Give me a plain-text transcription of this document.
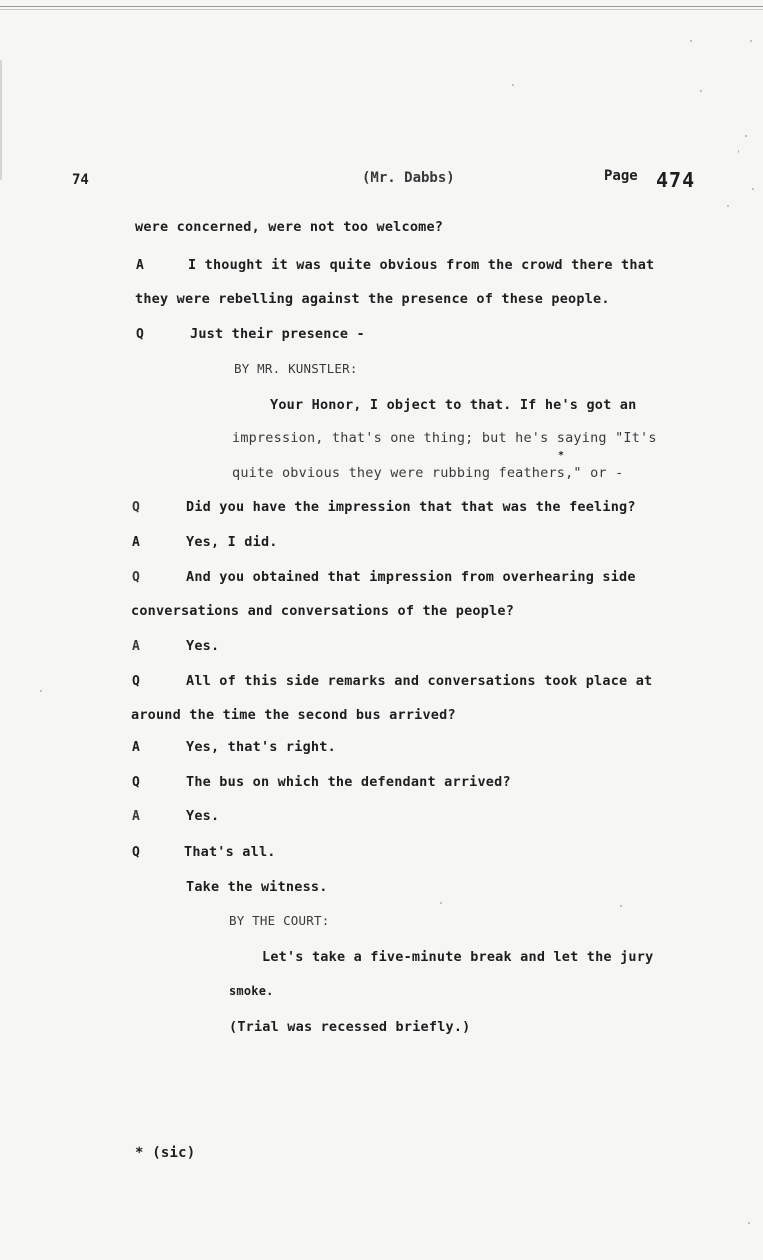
74	(Mr. Dabbs)	Page 474
were concerned, were not too welcome?
A	I thought it was quite obvious from the crowd there that
they were rebelling against the presence of these people.
Q	Just their presence -
BY MR. KUNSTLER:
Your Honor, I object to that. If he's got an
impression, that's one thing; but he's saying "It's
quite obvious they were rubbing feathers," or -
*
Q	Did you have the impression that that was the feeling?
A	Yes, I did.
Q	And you obtained that impression from overhearing side
conversations and conversations of the people?
A	Yes.
Q	All of this side remarks and conversations took place at
around the time the second bus arrived?
A	Yes, that's right.
Q	The bus on which the defendant arrived?
A	Yes.
Q	That's all.
Take the witness.
BY THE COURT:
Let's take a five-minute break and let the jury
smoke.
(Trial was recessed briefly.)
* (sic)
